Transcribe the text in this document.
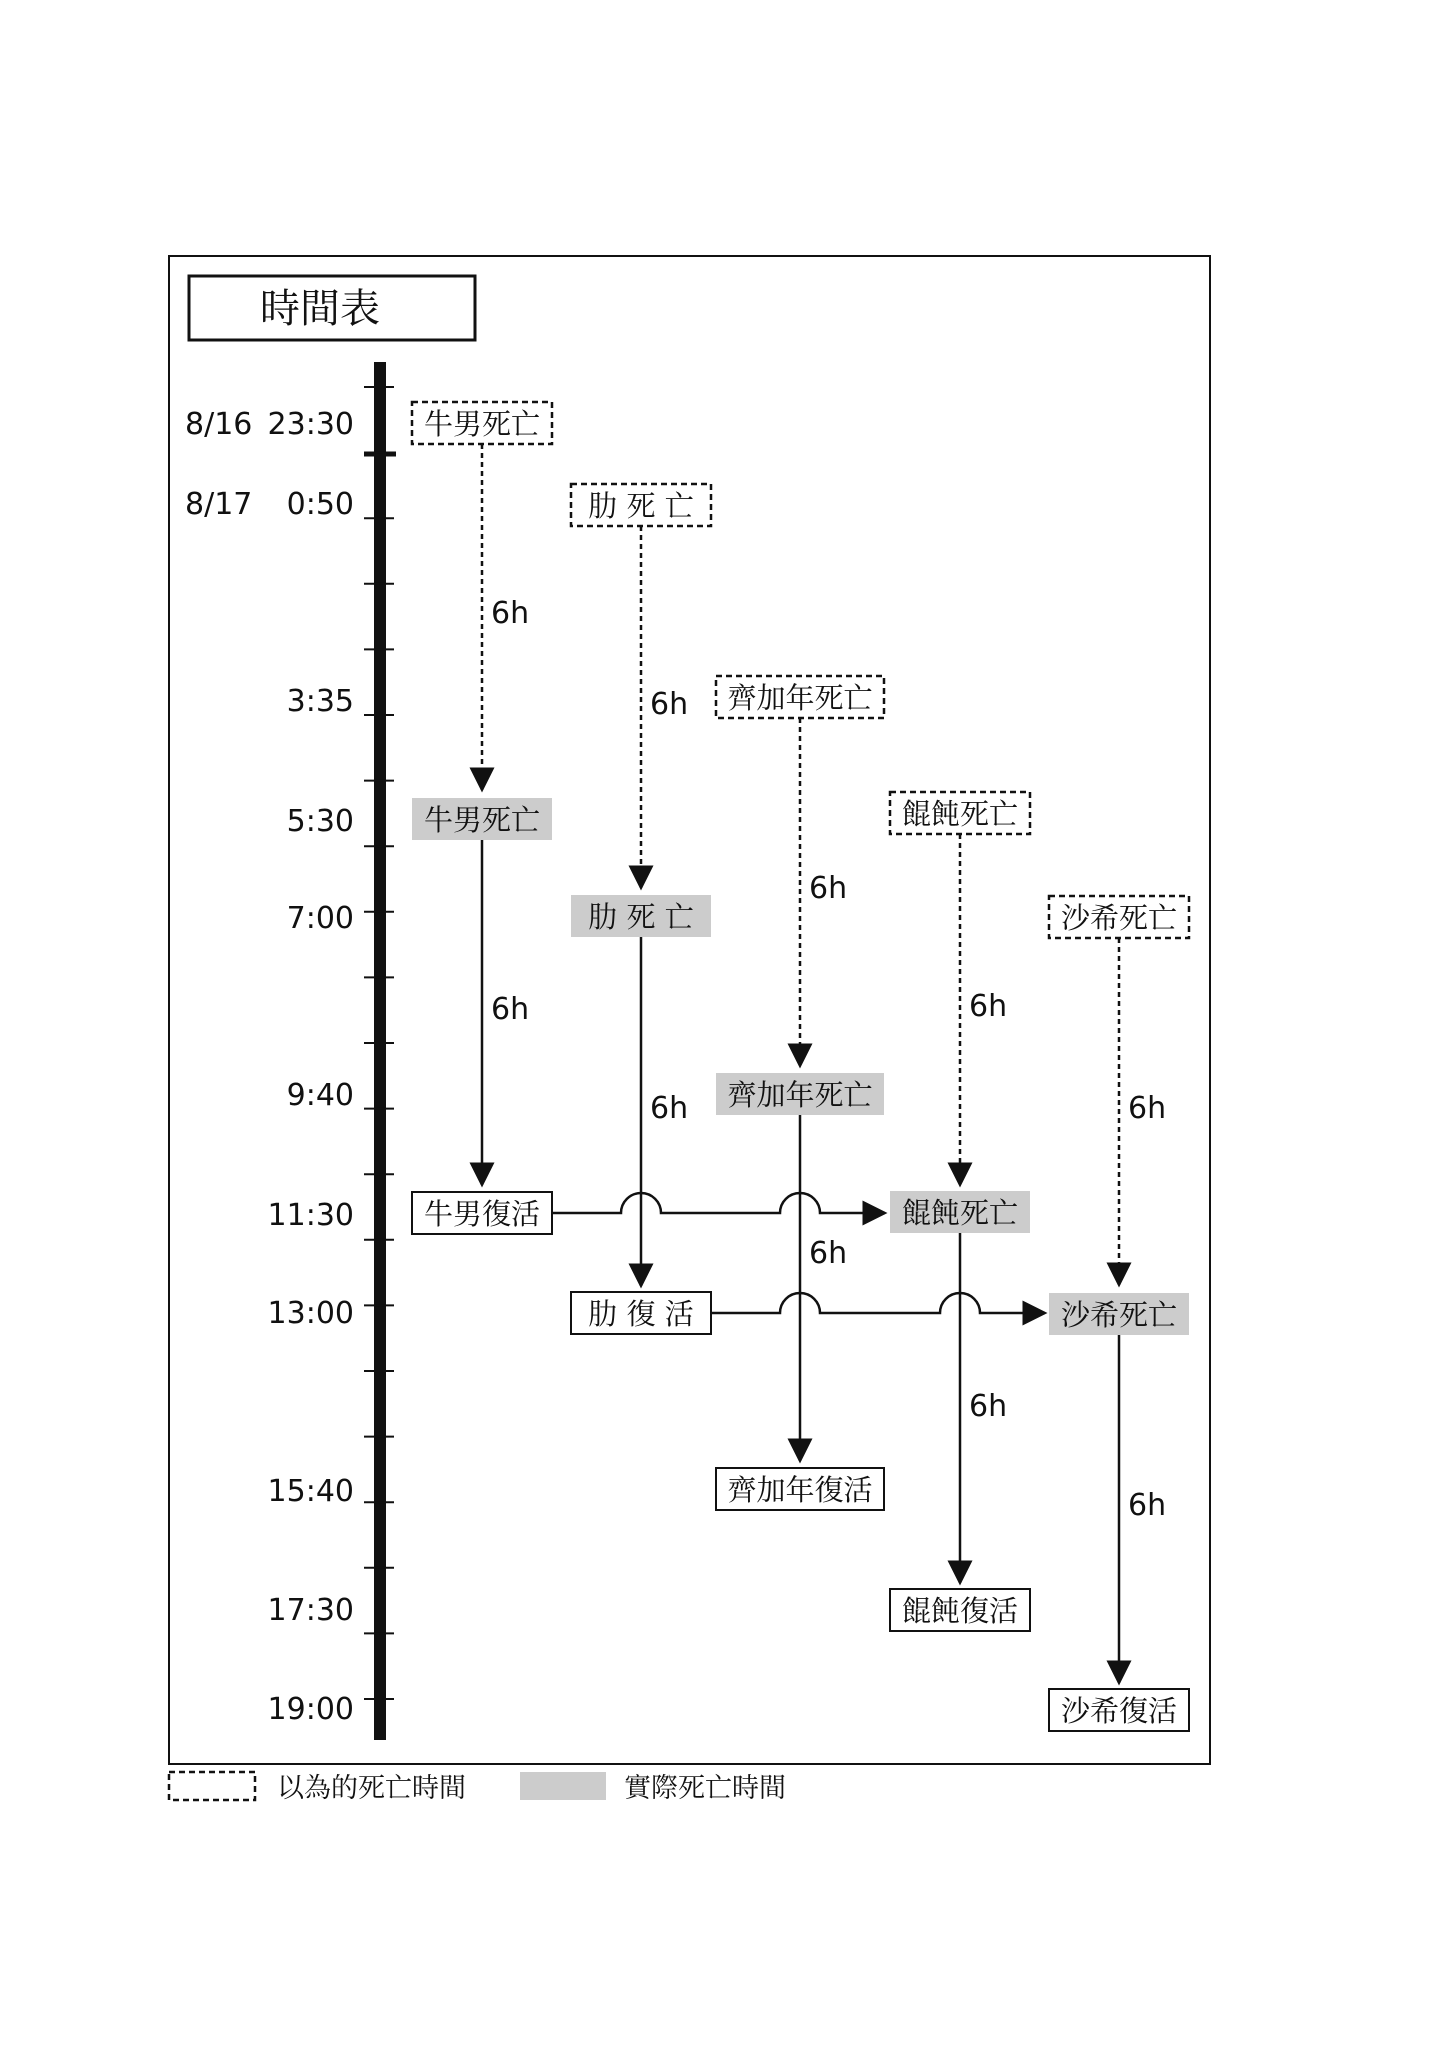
時間表
8/16 23:30
8/17 0:50
3:35
5:30
7:00
9:40
11:30
13:00
15:40
17:30
19:00
6h
6h
6h
6h
6h
6h
6h
6h
6h
6h
牛男死亡
肋 死 亡
齊加年死亡
餛飩死亡
沙希死亡
牛男死亡
肋 死 亡
齊加年死亡
餛飩死亡
沙希死亡
牛男復活
肋 復 活
齊加年復活
餛飩復活
沙希復活
以為的死亡時間	實際死亡時間
